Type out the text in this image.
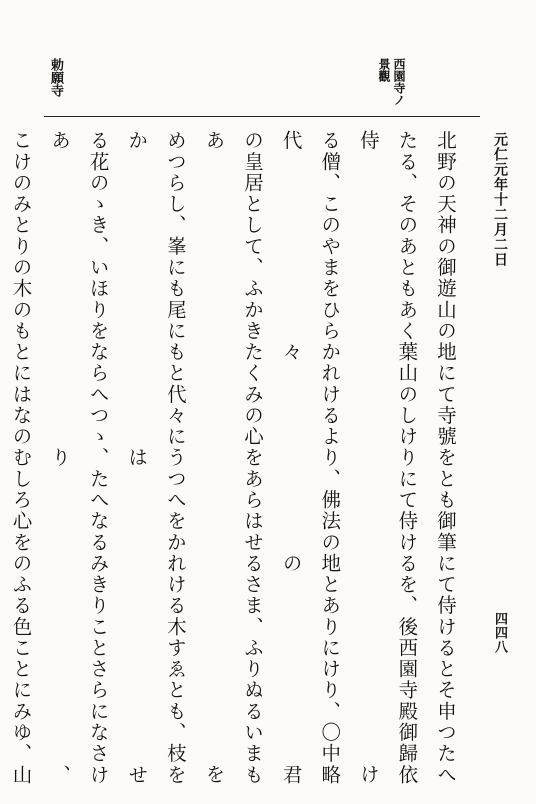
元仁元年十二月二日
四四八
西園寺ノ
景觀
勅願寺
北野の天神の御遊山の地にて寺號をとも御筆にて侍けるとそ申つたへ
たる、そのあともあく葉山のしけりにて侍けるを、後西園寺殿御歸依侍け
る僧、このやまをひらかれけるより、佛法の地とありにけり、〇中略代々の君
の皇居として、ふかきたくみの心をあらはせるさま、ふりぬるいまもあを
めつらし、峯にも尾にもと代々にうつへをかれける木すゑとも、枝をかはせ
る花のゝき、いほりをならへつゝ、たへなるみきりことさらになさけあり、
こけのみとりの木のもとにはなのむしろ心をのふる色ことにみゆ、山
